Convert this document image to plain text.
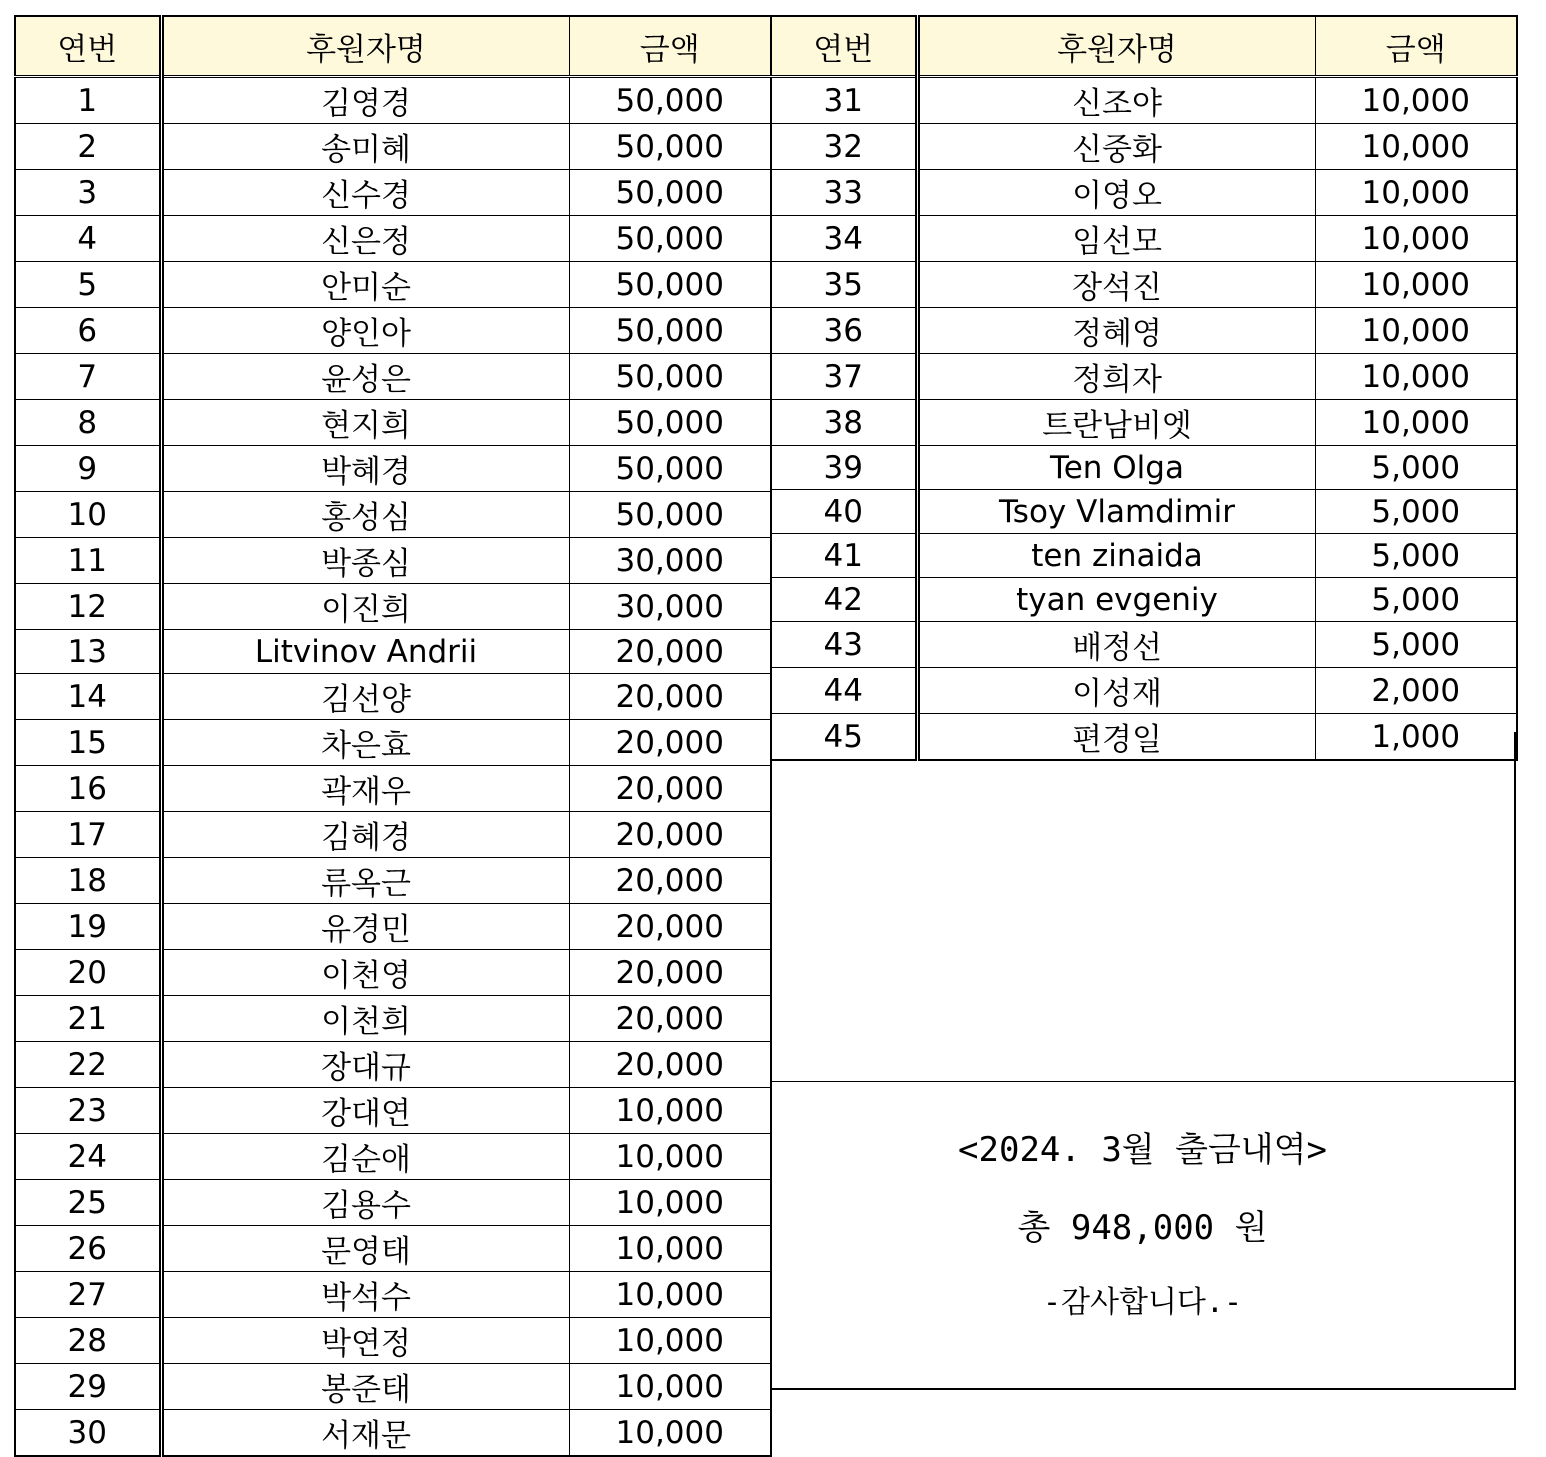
연번	후원자명	금액
1	김영경	50,000
2	송미혜	50,000
3	신수경	50,000
4	신은정	50,000
5	안미순	50,000
6	양인아	50,000
7	윤성은	50,000
8	현지희	50,000
9	박혜경	50,000
10	홍성심	50,000
11	박종심	30,000
12	이진희	30,000
13	Litvinov Andrii	20,000
14	김선양	20,000
15	차은효	20,000
16	곽재우	20,000
17	김혜경	20,000
18	류옥근	20,000
19	유경민	20,000
20	이천영	20,000
21	이천희	20,000
22	장대규	20,000
23	강대연	10,000
24	김순애	10,000
25	김용수	10,000
26	문영태	10,000
27	박석수	10,000
28	박연정	10,000
29	봉준태	10,000
30	서재문	10,000
연번	후원자명	금액
31	신조야	10,000
32	신중화	10,000
33	이영오	10,000
34	임선모	10,000
35	장석진	10,000
36	정혜영	10,000
37	정희자	10,000
38	트란남비엣	10,000
39	Ten Olga	5,000
40	Tsoy Vlamdimir	5,000
41	ten zinaida	5,000
42	tyan evgeniy	5,000
43	배정선	5,000
44	이성재	2,000
45	편경일	1,000
<2024. 3월 출금내역>
총 948,000 원
-감사합니다.-
